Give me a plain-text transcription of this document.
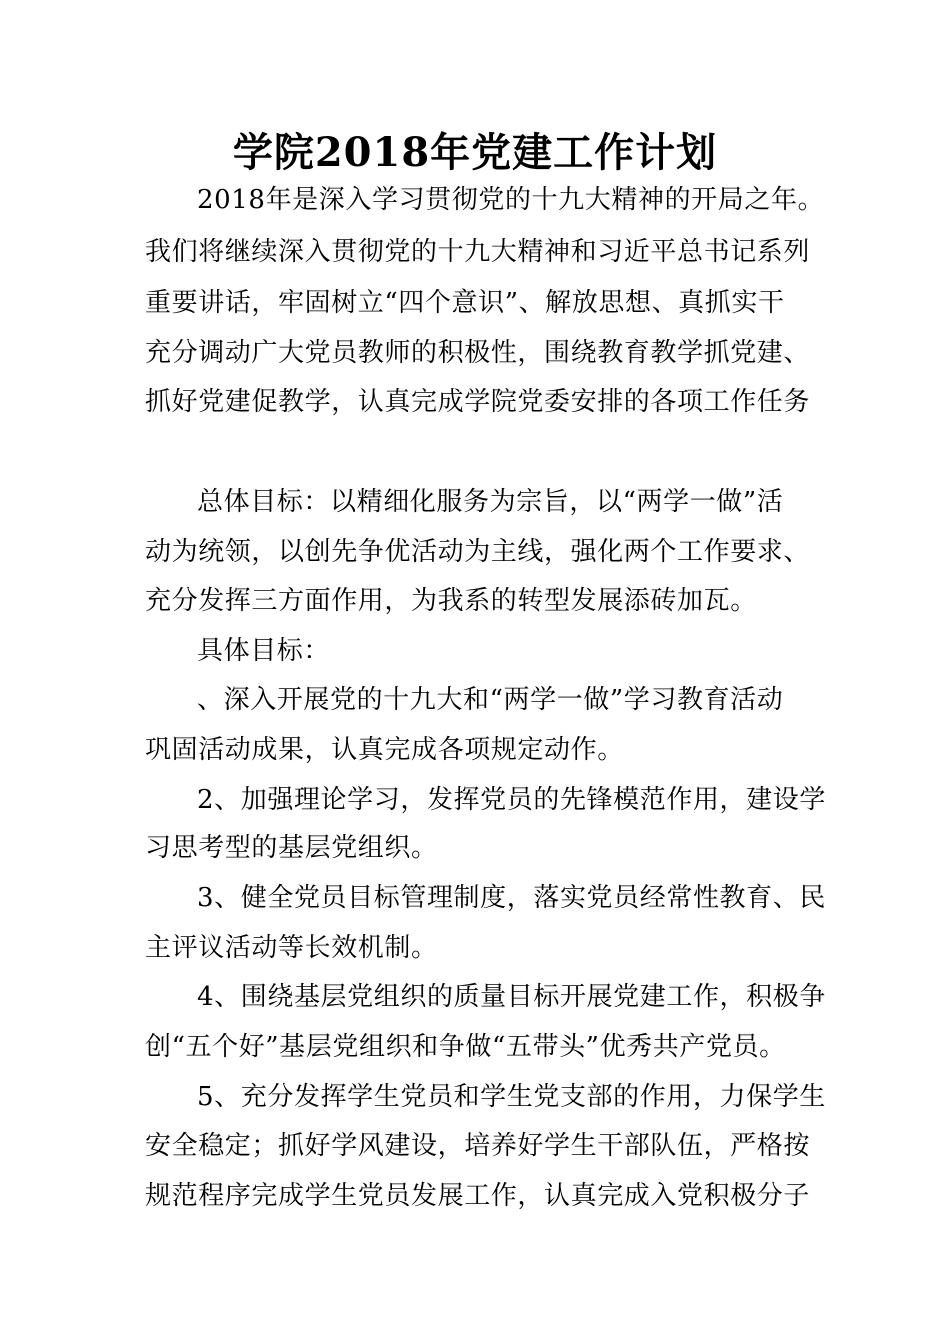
学院2018年党建工作计划
2018年是深入学习贯彻党的十九大精神的开局之年。
我们将继续深入贯彻党的十九大精神和习近平总书记系列
重要讲话，牢固树立“四个意识”、解放思想、真抓实干
充分调动广大党员教师的积极性，围绕教育教学抓党建、
抓好党建促教学，认真完成学院党委安排的各项工作任务
总体目标：以精细化服务为宗旨，以“两学一做”活
动为统领，以创先争优活动为主线，强化两个工作要求、
充分发挥三方面作用，为我系的转型发展添砖加瓦。
具体目标：
、深入开展党的十九大和“两学一做”学习教育活动
巩固活动成果，认真完成各项规定动作。
2、加强理论学习，发挥党员的先锋模范作用，建设学
习思考型的基层党组织。
3、健全党员目标管理制度，落实党员经常性教育、民
主评议活动等长效机制。
4、围绕基层党组织的质量目标开展党建工作，积极争
创“五个好”基层党组织和争做“五带头”优秀共产党员。
5、充分发挥学生党员和学生党支部的作用，力保学生
安全稳定；抓好学风建设，培养好学生干部队伍，严格按
规范程序完成学生党员发展工作，认真完成入党积极分子
